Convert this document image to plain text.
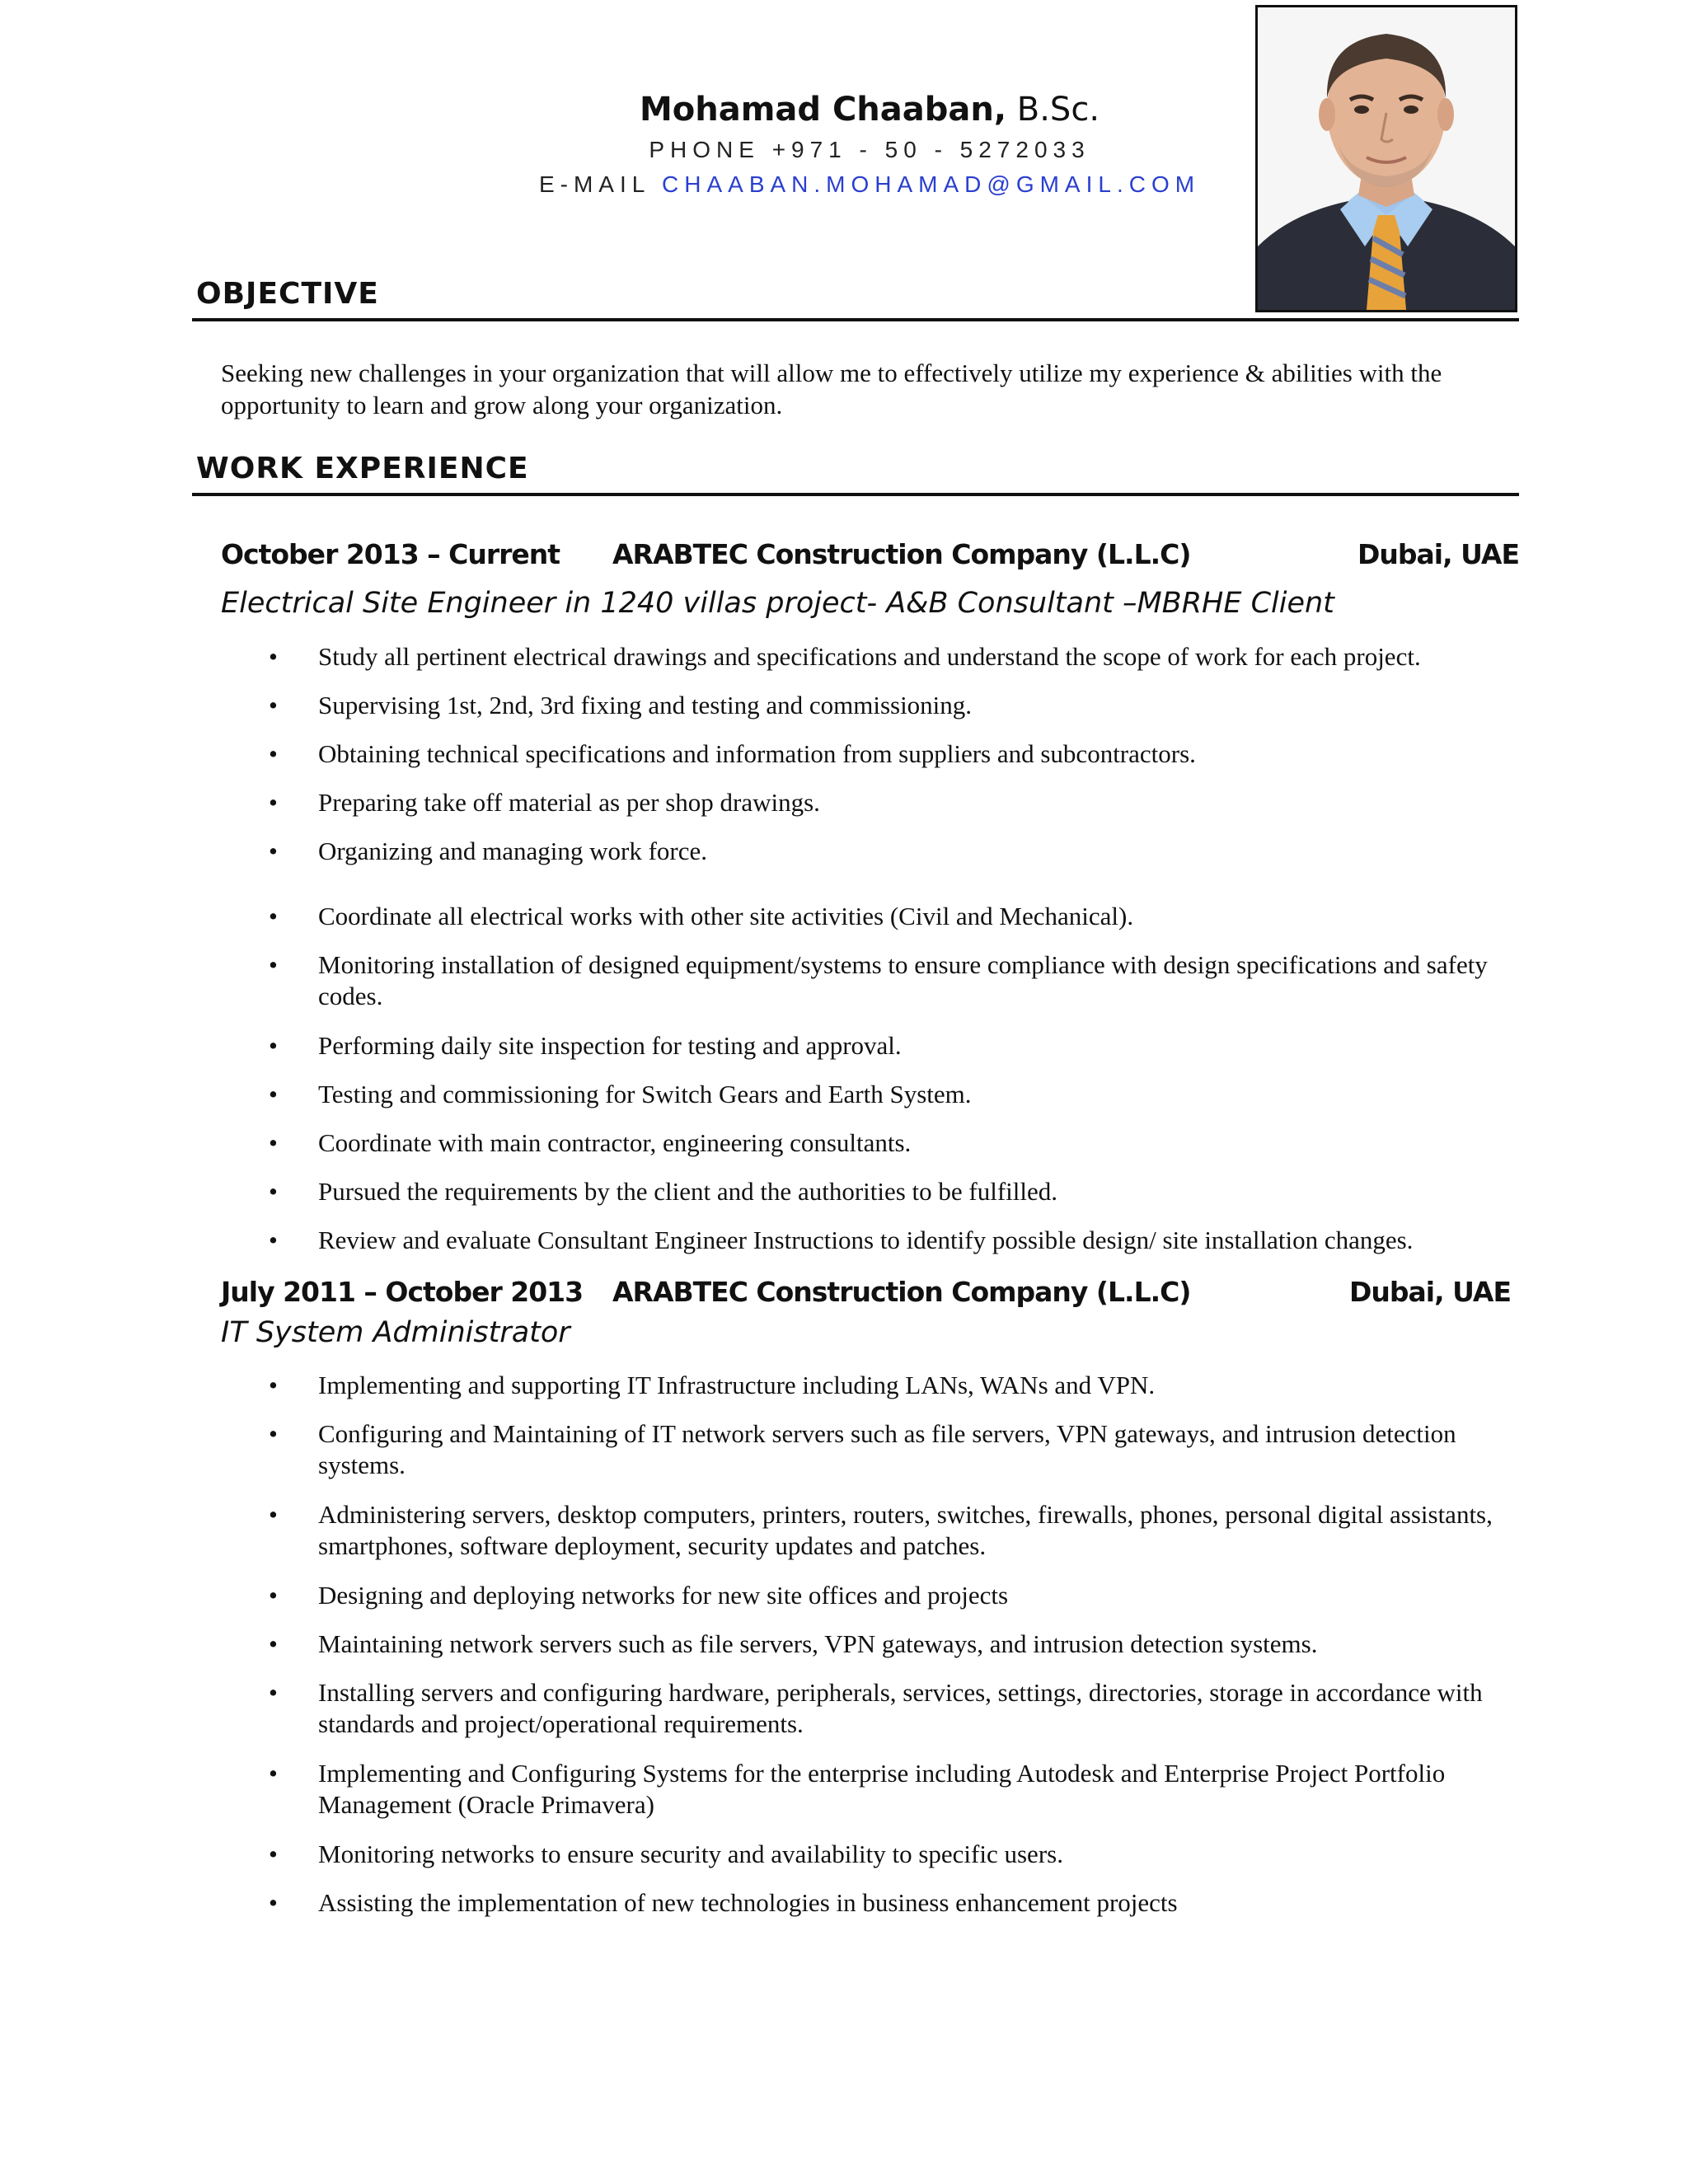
Mohamad Chaaban, B.Sc.
PHONE +971 - 50 - 5272033
E-MAIL CHAABAN.MOHAMAD@GMAIL.COM
OBJECTIVE
Seeking new challenges in your organization that will allow me to effectively utilize my experience & abilities with the opportunity to learn and grow along your organization.
WORK EXPERIENCE
October 2013 – Current ARABTEC Construction Company (L.L.C)	Dubai, UAE
Electrical Site Engineer in 1240 villas project- A&B Consultant –MBRHE Client
• Study all pertinent electrical drawings and specifications and understand the scope of work for each project.
• Supervising 1st, 2nd, 3rd fixing and testing and commissioning.
• Obtaining technical specifications and information from suppliers and subcontractors.
• Preparing take off material as per shop drawings.
• Organizing and managing work force.
• Coordinate all electrical works with other site activities (Civil and Mechanical).
• Monitoring installation of designed equipment/systems to ensure compliance with design specifications and safety codes.
• Performing daily site inspection for testing and approval.
• Testing and commissioning for Switch Gears and Earth System.
• Coordinate with main contractor, engineering consultants.
• Pursued the requirements by the client and the authorities to be fulfilled.
• Review and evaluate Consultant Engineer Instructions to identify possible design/ site installation changes.
July 2011 – October 2013 ARABTEC Construction Company (L.L.C)	Dubai, UAE
IT System Administrator
• Implementing and supporting IT Infrastructure including LANs, WANs and VPN.
• Configuring and Maintaining of IT network servers such as file servers, VPN gateways, and intrusion detection systems.
• Administering servers, desktop computers, printers, routers, switches, firewalls, phones, personal digital assistants, smartphones, software deployment, security updates and patches.
• Designing and deploying networks for new site offices and projects
• Maintaining network servers such as file servers, VPN gateways, and intrusion detection systems.
• Installing servers and configuring hardware, peripherals, services, settings, directories, storage in accordance with standards and project/operational requirements.
• Implementing and Configuring Systems for the enterprise including Autodesk and Enterprise Project Portfolio Management (Oracle Primavera)
• Monitoring networks to ensure security and availability to specific users.
• Assisting the implementation of new technologies in business enhancement projects
